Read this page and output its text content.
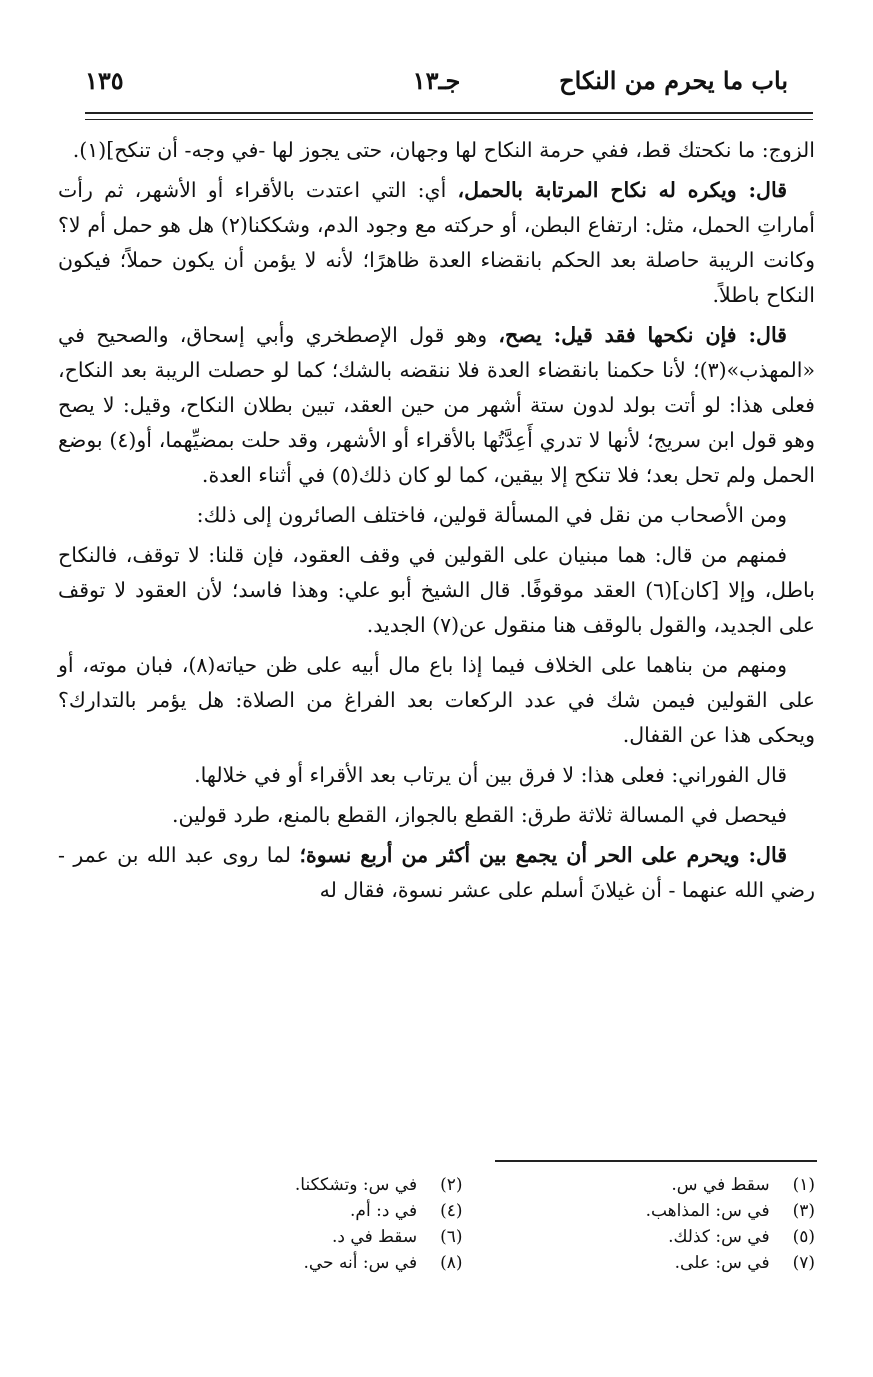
باب ما يحرم من النكاح
جـ١٣
١٣٥

الزوج: ما نكحتك قط، ففي حرمة النكاح لها وجهان، حتى يجوز لها -في وجه- أن تنكح](١).

قال: ويكره له نكاح المرتابة بالحمل، أي: التي اعتدت بالأقراء أو الأشهر، ثم رأت أماراتِ الحمل، مثل: ارتفاع البطن، أو حركته مع وجود الدم، وشككنا(٢) هل هو حمل أم لا؟ وكانت الريبة حاصلة بعد الحكم بانقضاء العدة ظاهرًا؛ لأنه لا يؤمن أن يكون حملاً؛ فيكون النكاح باطلاً.

قال: فإن نكحها فقد قيل: يصح، وهو قول الإصطخري وأبي إسحاق، والصحيح في «المهذب»(٣)؛ لأنا حكمنا بانقضاء العدة فلا ننقضه بالشك؛ كما لو حصلت الريبة بعد النكاح، فعلى هذا: لو أتت بولد لدون ستة أشهر من حين العقد، تبين بطلان النكاح، وقيل: لا يصح وهو قول ابن سريج؛ لأنها لا تدري أَعِدَّتُها بالأقراء أو الأشهر، وقد حلت بمضيِّهما، أو(٤) بوضع الحمل ولم تحل بعد؛ فلا تنكح إلا بيقين، كما لو كان ذلك(٥) في أثناء العدة.

ومن الأصحاب من نقل في المسألة قولين، فاختلف الصائرون إلى ذلك:

فمنهم من قال: هما مبنيان على القولين في وقف العقود، فإن قلنا: لا توقف، فالنكاح باطل، وإلا [كان](٦) العقد موقوفًا. قال الشيخ أبو علي: وهذا فاسد؛ لأن العقود لا توقف على الجديد، والقول بالوقف هنا منقول عن(٧) الجديد.

ومنهم من بناهما على الخلاف فيما إذا باع مال أبيه على ظن حياته(٨)، فبان موته، أو على القولين فيمن شك في عدد الركعات بعد الفراغ من الصلاة: هل يؤمر بالتدارك؟ ويحكى هذا عن القفال.

قال الفوراني: فعلى هذا: لا فرق بين أن يرتاب بعد الأقراء أو في خلالها.

فيحصل في المسالة ثلاثة طرق: القطع بالجواز، القطع بالمنع، طرد قولين.

قال: ويحرم على الحر أن يجمع بين أكثر من أربع نسوة؛ لما روى عبد الله بن عمر - رضي الله عنهما - أن غيلانَ أسلم على عشر نسوة، فقال له

(١) سقط في س.
(٢) في س: وتشككنا.
(٣) في س: المذاهب.
(٤) في د: أم.
(٥) في س: كذلك.
(٦) سقط في د.
(٧) في س: على.
(٨) في س: أنه حي.
